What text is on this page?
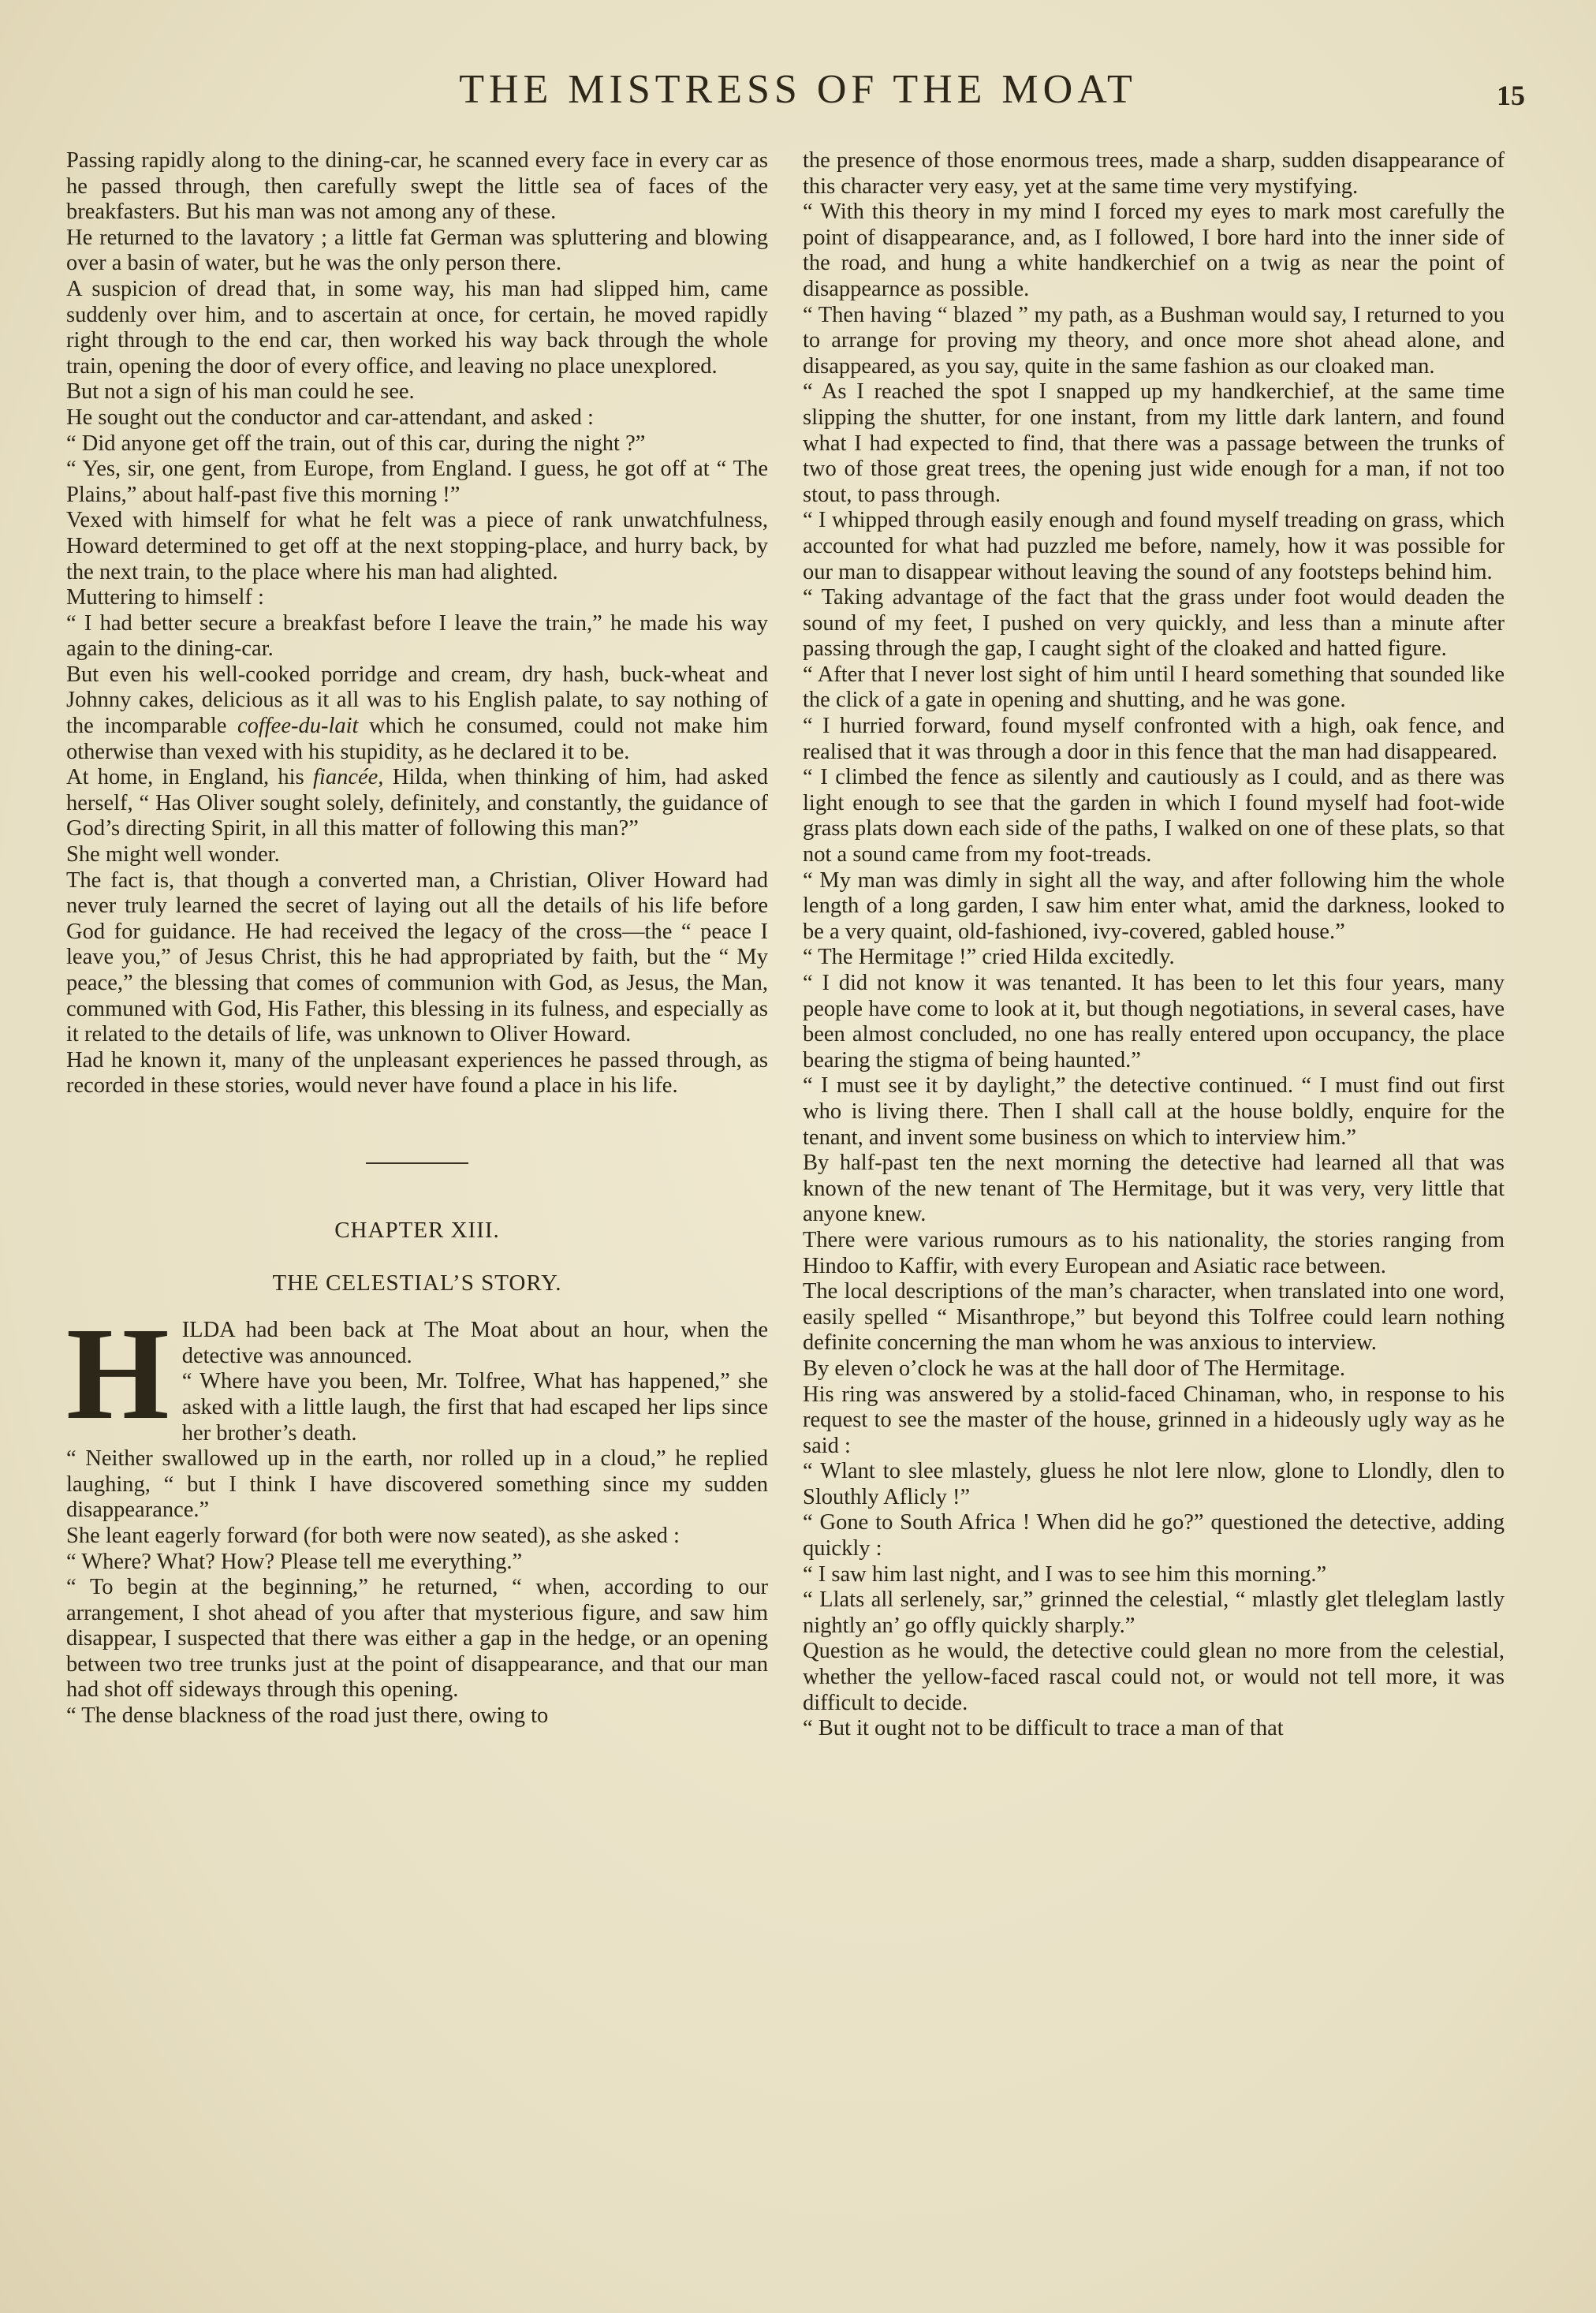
THE MISTRESS OF THE MOAT	15

Passing rapidly along to the dining-car, he scanned every face in every car as he passed through, then carefully swept the little sea of faces of the breakfasters. But his man was not among any of these.

He returned to the lavatory ; a little fat German was spluttering and blowing over a basin of water, but he was the only person there.

A suspicion of dread that, in some way, his man had slipped him, came suddenly over him, and to ascertain at once, for certain, he moved rapidly right through to the end car, then worked his way back through the whole train, opening the door of every office, and leaving no place unexplored.

But not a sign of his man could he see.

He sought out the conductor and car-attendant, and asked :

“ Did anyone get off the train, out of this car, during the night ?”

“ Yes, sir, one gent, from Europe, from England. I guess, he got off at “ The Plains,” about half-past five this morning !”

Vexed with himself for what he felt was a piece of rank unwatchfulness, Howard determined to get off at the next stopping-place, and hurry back, by the next train, to the place where his man had alighted.

Muttering to himself :

“ I had better secure a breakfast before I leave the train,” he made his way again to the dining-car.

But even his well-cooked porridge and cream, dry hash, buck-wheat and Johnny cakes, delicious as it all was to his English palate, to say nothing of the incomparable coffee-du-lait which he consumed, could not make him otherwise than vexed with his stupidity, as he declared it to be.

At home, in England, his fiancée, Hilda, when thinking of him, had asked herself, “ Has Oliver sought solely, definitely, and constantly, the guidance of God’s directing Spirit, in all this matter of following this man?”

She might well wonder.

The fact is, that though a converted man, a Christian, Oliver Howard had never truly learned the secret of laying out all the details of his life before God for guidance. He had received the legacy of the cross—the “ peace I leave you,” of Jesus Christ, this he had appropriated by faith, but the “ My peace,” the blessing that comes of communion with God, as Jesus, the Man, communed with God, His Father, this blessing in its fulness, and especially as it related to the details of life, was unknown to Oliver Howard.

Had he known it, many of the unpleasant experiences he passed through, as recorded in these stories, would never have found a place in his life.

CHAPTER XIII.
THE CELESTIAL’S STORY.
H ILDA had been back at The Moat about an hour, when the detective was announced.

“ Where have you been, Mr. Tolfree, What has happened,” she asked with a little laugh, the first that had escaped her lips since her brother’s death.

“ Neither swallowed up in the earth, nor rolled up in a cloud,” he replied laughing, “ but I think I have discovered something since my sudden disappearance.”

She leant eagerly forward (for both were now seated), as she asked :

“ Where? What? How? Please tell me everything.”

“ To begin at the beginning,” he returned, “ when, according to our arrangement, I shot ahead of you after that mysterious figure, and saw him disappear, I suspected that there was either a gap in the hedge, or an opening between two tree trunks just at the point of disappearance, and that our man had shot off sideways through this opening.

“ The dense blackness of the road just there, owing to

the presence of those enormous trees, made a sharp, sudden disappearance of this character very easy, yet at the same time very mystifying.

“ With this theory in my mind I forced my eyes to mark most carefully the point of disappearance, and, as I followed, I bore hard into the inner side of the road, and hung a white handkerchief on a twig as near the point of disappearnce as possible.

“ Then having “ blazed ” my path, as a Bushman would say, I returned to you to arrange for proving my theory, and once more shot ahead alone, and disappeared, as you say, quite in the same fashion as our cloaked man.

“ As I reached the spot I snapped up my handkerchief, at the same time slipping the shutter, for one instant, from my little dark lantern, and found what I had expected to find, that there was a passage between the trunks of two of those great trees, the opening just wide enough for a man, if not too stout, to pass through.

“ I whipped through easily enough and found myself treading on grass, which accounted for what had puzzled me before, namely, how it was possible for our man to disappear without leaving the sound of any footsteps behind him.

“ Taking advantage of the fact that the grass under foot would deaden the sound of my feet, I pushed on very quickly, and less than a minute after passing through the gap, I caught sight of the cloaked and hatted figure.

“ After that I never lost sight of him until I heard something that sounded like the click of a gate in opening and shutting, and he was gone.

“ I hurried forward, found myself confronted with a high, oak fence, and realised that it was through a door in this fence that the man had disappeared.

“ I climbed the fence as silently and cautiously as I could, and as there was light enough to see that the garden in which I found myself had foot-wide grass plats down each side of the paths, I walked on one of these plats, so that not a sound came from my foot-treads.

“ My man was dimly in sight all the way, and after following him the whole length of a long garden, I saw him enter what, amid the darkness, looked to be a very quaint, old-fashioned, ivy-covered, gabled house.”

“ The Hermitage !” cried Hilda excitedly.

“ I did not know it was tenanted. It has been to let this four years, many people have come to look at it, but though negotiations, in several cases, have been almost concluded, no one has really entered upon occupancy, the place bearing the stigma of being haunted.”

“ I must see it by daylight,” the detective continued. “ I must find out first who is living there. Then I shall call at the house boldly, enquire for the tenant, and invent some business on which to interview him.”

By half-past ten the next morning the detective had learned all that was known of the new tenant of The Hermitage, but it was very, very little that anyone knew.

There were various rumours as to his nationality, the stories ranging from Hindoo to Kaffir, with every European and Asiatic race between.

The local descriptions of the man’s character, when translated into one word, easily spelled “ Misanthrope,” but beyond this Tolfree could learn nothing definite concerning the man whom he was anxious to interview.

By eleven o’clock he was at the hall door of The Hermitage.

His ring was answered by a stolid-faced Chinaman, who, in response to his request to see the master of the house, grinned in a hideously ugly way as he said :

“ Wlant to slee mlastely, gluess he nlot lere nlow, glone to Llondly, dlen to Slouthly Aflicly !”

“ Gone to South Africa ! When did he go?” questioned the detective, adding quickly :

“ I saw him last night, and I was to see him this morning.”

“ Llats all serlenely, sar,” grinned the celestial, “ mlastly glet tleleglam lastly nightly an’ go offly quickly sharply.”

Question as he would, the detective could glean no more from the celestial, whether the yellow-faced rascal could not, or would not tell more, it was difficult to decide.

“ But it ought not to be difficult to trace a man of that
